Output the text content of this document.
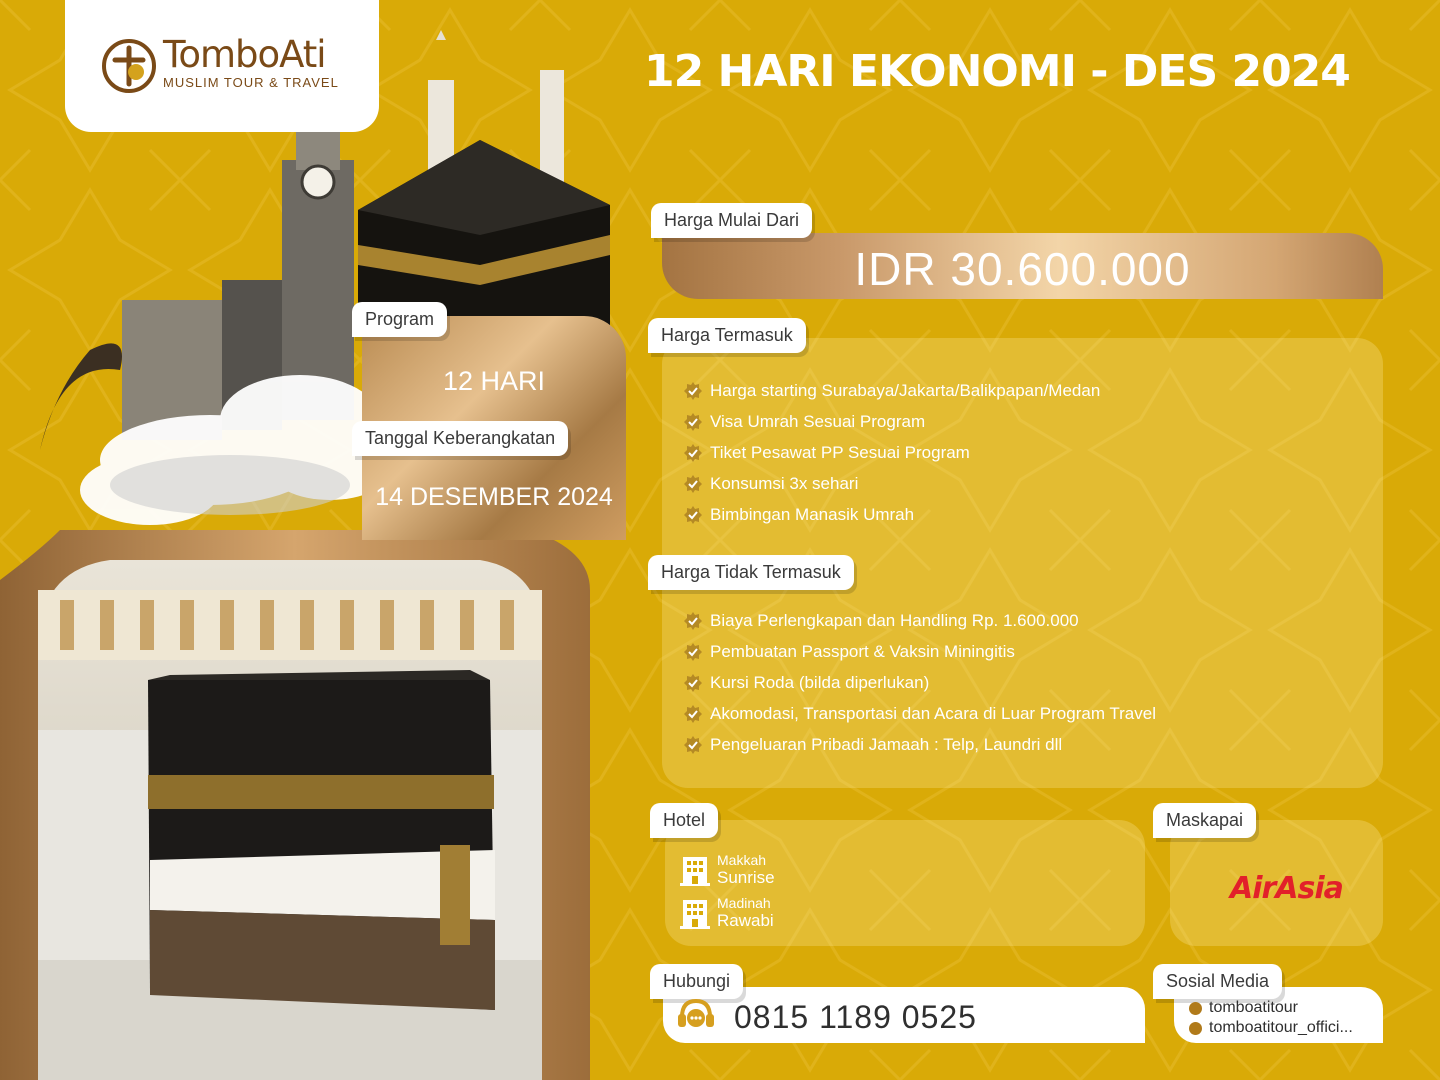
TomboAti
MUSLIM TOUR & TRAVEL	12 HARI EKONOMI - DES 2024
Program
12 HARI
Tanggal Keberangkatan
14 DESEMBER 2024
IDR 30.600.000
Harga Mulai Dari
Harga Termasuk
Harga starting Surabaya/Jakarta/Balikpapan/Medan
Visa Umrah Sesuai Program
Tiket Pesawat PP Sesuai Program
Konsumsi 3x sehari
Bimbingan Manasik Umrah
Harga Tidak Termasuk
Biaya Perlengkapan dan Handling Rp. 1.600.000
Pembuatan Passport & Vaksin Miningitis
Kursi Roda (bilda diperlukan)
Akomodasi, Transportasi dan Acara di Luar Program Travel
Pengeluaran Pribadi Jamaah : Telp, Laundri dll
Hotel
Makkah
Sunrise
Madinah
Rawabi
Maskapai
AirAsia
Hubungi
0815 1189 0525
Sosial Media
tomboatitour
tomboatitour_offici...
